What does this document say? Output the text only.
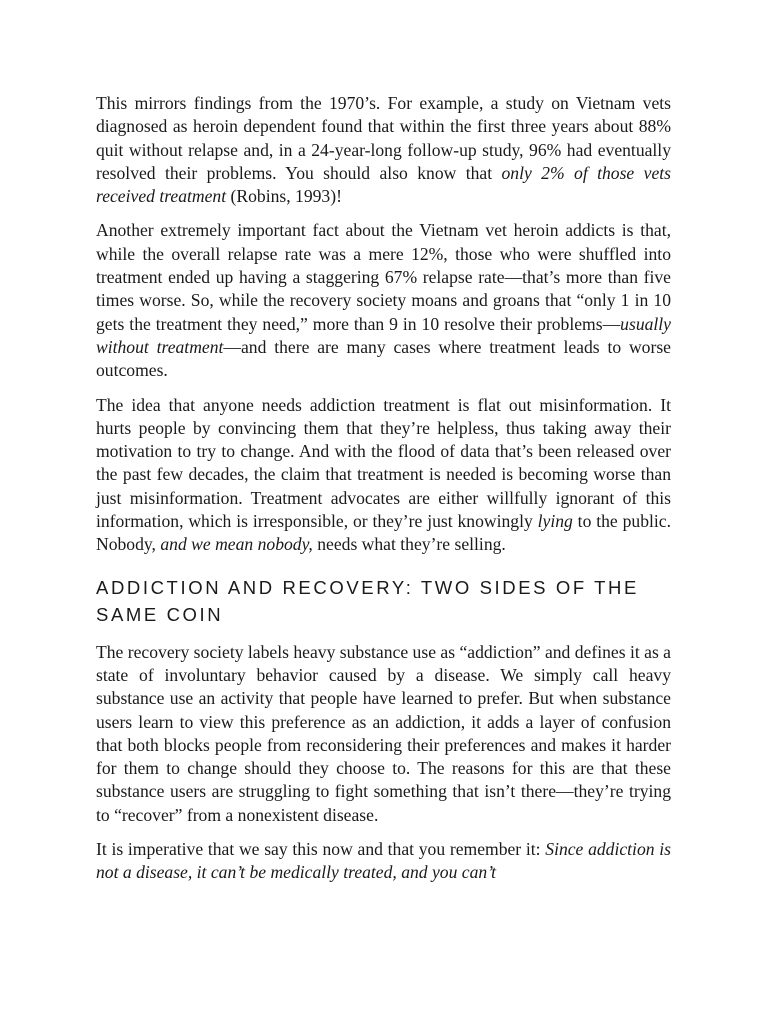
This mirrors findings from the 1970’s. For example, a study on Vietnam vets diagnosed as heroin dependent found that within the first three years about 88% quit without relapse and, in a 24-year-long follow-up study, 96% had eventually resolved their problems. You should also know that only 2% of those vets received treatment (Robins, 1993)!

Another extremely important fact about the Vietnam vet heroin addicts is that, while the overall relapse rate was a mere 12%, those who were shuffled into treatment ended up having a staggering 67% relapse rate—that’s more than five times worse. So, while the recovery society moans and groans that “only 1 in 10 gets the treatment they need,” more than 9 in 10 resolve their problems—usually without treatment—and there are many cases where treatment leads to worse outcomes.

The idea that anyone needs addiction treatment is flat out misinformation. It hurts people by convincing them that they’re helpless, thus taking away their motivation to try to change. And with the flood of data that’s been released over the past few decades, the claim that treatment is needed is becoming worse than just misinformation. Treatment advocates are either willfully ignorant of this information, which is irresponsible, or they’re just knowingly lying to the public. Nobody, and we mean nobody, needs what they’re selling.

ADDICTION AND RECOVERY: TWO SIDES OF THE SAME COIN

The recovery society labels heavy substance use as “addiction” and defines it as a state of involuntary behavior caused by a disease. We simply call heavy substance use an activity that people have learned to prefer. But when substance users learn to view this preference as an addiction, it adds a layer of confusion that both blocks people from reconsidering their preferences and makes it harder for them to change should they choose to. The reasons for this are that these substance users are struggling to fight something that isn’t there—they’re trying to “recover” from a nonexistent disease.

It is imperative that we say this now and that you remember it: Since addiction is not a disease, it can’t be medically treated, and you can’t
